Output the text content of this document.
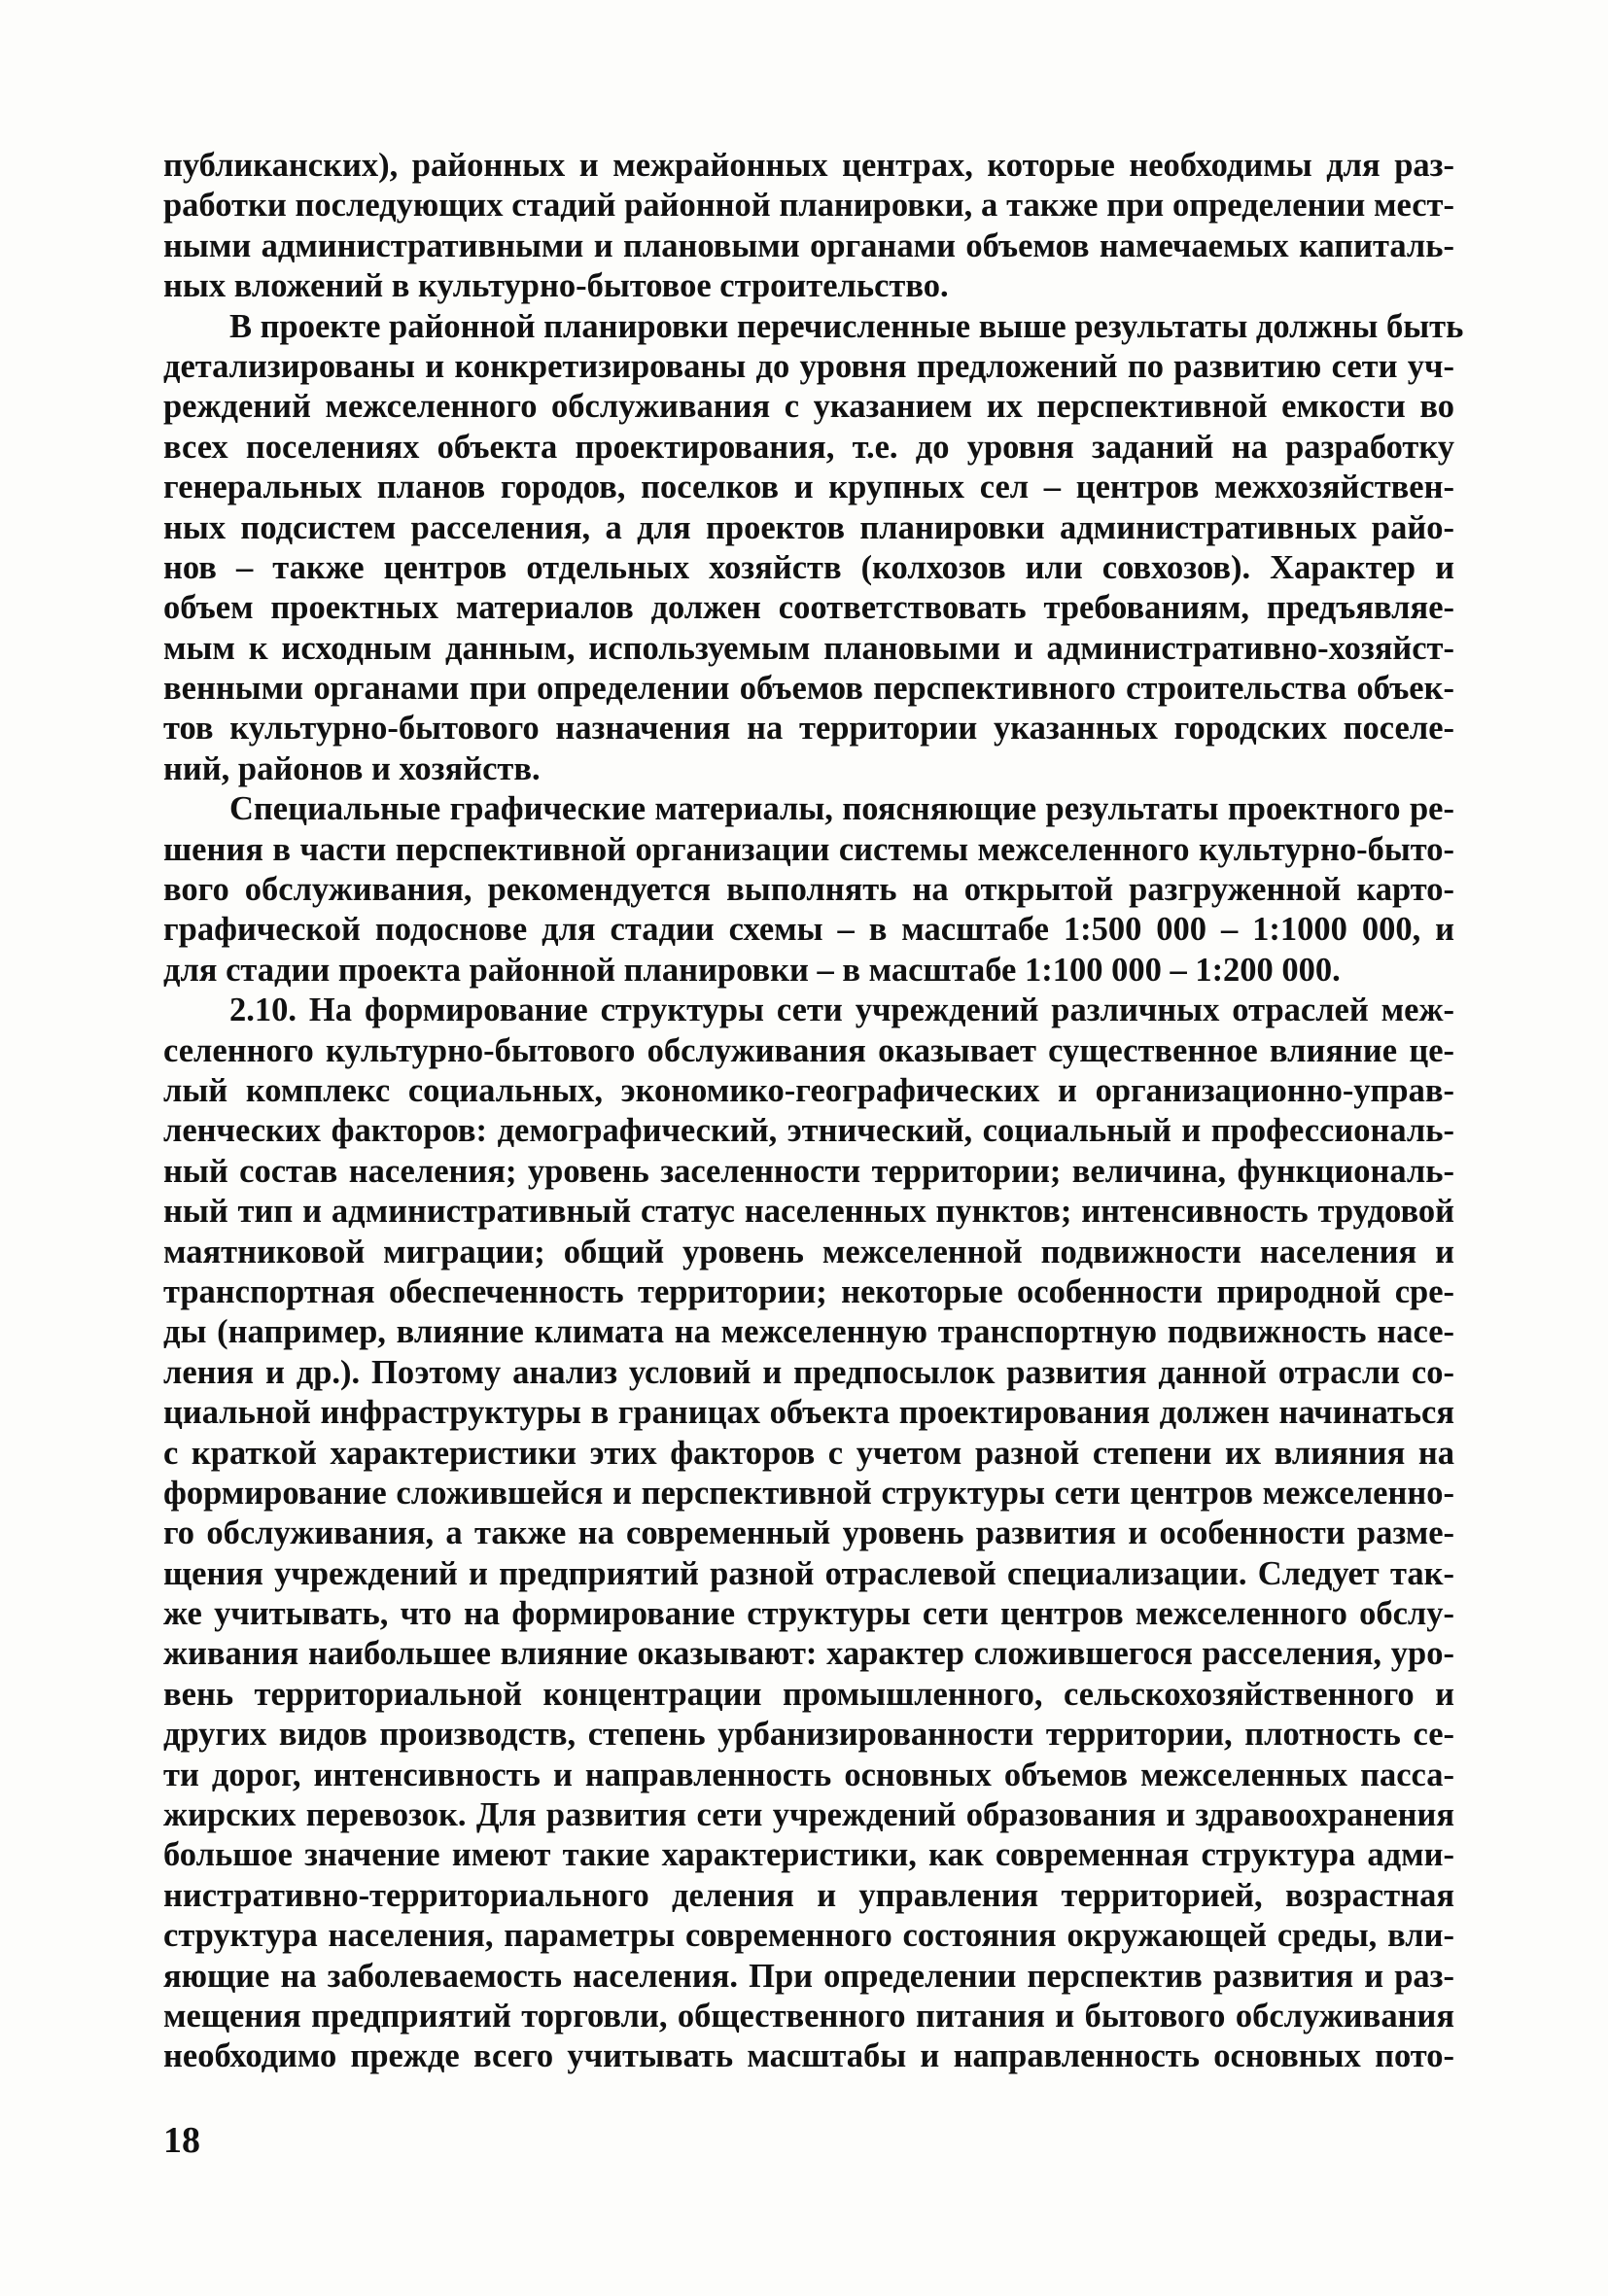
публиканских), районных и межрайонных центрах, которые необходимы для раз-
работки последующих стадий районной планировки, а также при определении мест-
ными административными и плановыми органами объемов намечаемых капиталь-
ных вложений в культурно-бытовое строительство.
В проекте районной планировки перечисленные выше результаты должны быть
детализированы и конкретизированы до уровня предложений по развитию сети уч-
реждений межселенного обслуживания с указанием их перспективной емкости во
всех поселениях объекта проектирования, т.е. до уровня заданий на разработку
генеральных планов городов, поселков и крупных сел – центров межхозяйствен-
ных подсистем расселения, а для проектов планировки административных райо-
нов – также центров отдельных хозяйств (колхозов или совхозов). Характер и
объем проектных материалов должен соответствовать требованиям, предъявляе-
мым к исходным данным, используемым плановыми и административно-хозяйст-
венными органами при определении объемов перспективного строительства объек-
тов культурно-бытового назначения на территории указанных городских поселе-
ний, районов и хозяйств.
Специальные графические материалы, поясняющие результаты проектного ре-
шения в части перспективной организации системы межселенного культурно-быто-
вого обслуживания, рекомендуется выполнять на открытой разгруженной карто-
графической подоснове для стадии схемы – в масштабе 1:500 000 – 1:1000 000, и
для стадии проекта районной планировки – в масштабе 1:100 000 – 1:200 000.
2.10. На формирование структуры сети учреждений различных отраслей меж-
селенного культурно-бытового обслуживания оказывает существенное влияние це-
лый комплекс социальных, экономико-географических и организационно-управ-
ленческих факторов: демографический, этнический, социальный и профессиональ-
ный состав населения; уровень заселенности территории; величина, функциональ-
ный тип и административный статус населенных пунктов; интенсивность трудовой
маятниковой миграции; общий уровень межселенной подвижности населения и
транспортная обеспеченность территории; некоторые особенности природной сре-
ды (например, влияние климата на межселенную транспортную подвижность насе-
ления и др.). Поэтому анализ условий и предпосылок развития данной отрасли со-
циальной инфраструктуры в границах объекта проектирования должен начинаться
с краткой характеристики этих факторов с учетом разной степени их влияния на
формирование сложившейся и перспективной структуры сети центров межселенно-
го обслуживания, а также на современный уровень развития и особенности разме-
щения учреждений и предприятий разной отраслевой специализации. Следует так-
же учитывать, что на формирование структуры сети центров межселенного обслу-
живания наибольшее влияние оказывают: характер сложившегося расселения, уро-
вень территориальной концентрации промышленного, сельскохозяйственного и
других видов производств, степень урбанизированности территории, плотность се-
ти дорог, интенсивность и направленность основных объемов межселенных пасса-
жирских перевозок. Для развития сети учреждений образования и здравоохранения
большое значение имеют такие характеристики, как современная структура адми-
нистративно-территориального деления и управления территорией, возрастная
структура населения, параметры современного состояния окружающей среды, вли-
яющие на заболеваемость населения. При определении перспектив развития и раз-
мещения предприятий торговли, общественного питания и бытового обслуживания
необходимо прежде всего учитывать масштабы и направленность основных пото-
18
